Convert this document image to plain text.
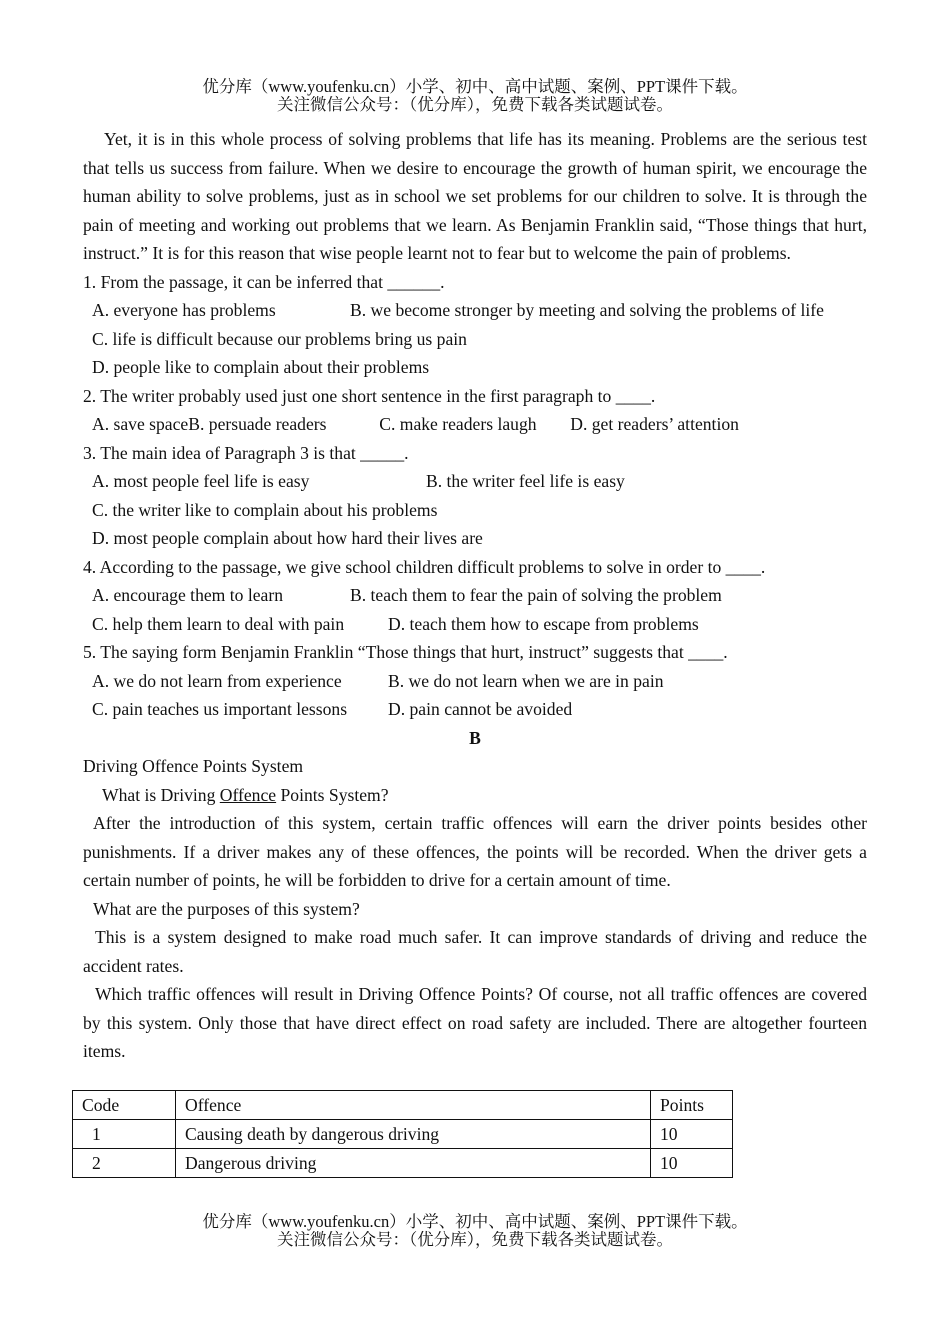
优分库（www.youfenku.cn）小学、初中、高中试题、案例、PPT课件下载。
关注微信公众号：（优分库），免费下载各类试题试卷。

Yet, it is in this whole process of solving problems that life has its meaning. Problems are the serious test that tells us success from failure. When we desire to encourage the growth of human spirit, we encourage the human ability to solve problems, just as in school we set problems for our children to solve. It is through the pain of meeting and working out problems that we learn. As Benjamin Franklin said, “Those things that hurt, instruct.” It is for this reason that wise people learnt not to fear but to welcome the pain of problems.

1. From the passage, it can be inferred that ______.

A. everyone has problems	B. we become stronger by meeting and solving the problems of life

C. life is difficult because our problems bring us pain

D. people like to complain about their problems

2. The writer probably used just one short sentence in the first paragraph to ____.

A. save spaceB. persuade readers	C. make readers laugh D. get readers’ attention

3. The main idea of Paragraph 3 is that _____.

A. most people feel life is easy	B. the writer feel life is easy

C. the writer like to complain about his problems

D. most people complain about how hard their lives are

4. According to the passage, we give school children difficult problems to solve in order to ____.

A. encourage them to learn	B. teach them to fear the pain of solving the problem

C. help them learn to deal with pain D. teach them how to escape from problems

5. The saying form Benjamin Franklin “Those things that hurt, instruct” suggests that ____.

A. we do not learn from experience	B. we do not learn when we are in pain

C. pain teaches us important lessons D. pain cannot be avoided

B

Driving Offence Points System

What is Driving Offence Points System?

After the introduction of this system, certain traffic offences will earn the driver points besides other punishments. If a driver makes any of these offences, the points will be recorded. When the driver gets a certain number of points, he will be forbidden to drive for a certain amount of time.

What are the purposes of this system?

This is a system designed to make road much safer. It can improve standards of driving and reduce the accident rates.

Which traffic offences will result in Driving Offence Points? Of course, not all traffic offences are covered by this system. Only those that have direct effect on road safety are included. There are altogether fourteen items.

Code	Offence	Points
1	Causing death by dangerous driving	10
2	Dangerous driving	10
优分库（www.youfenku.cn）小学、初中、高中试题、案例、PPT课件下载。
关注微信公众号：（优分库），免费下载各类试题试卷。
